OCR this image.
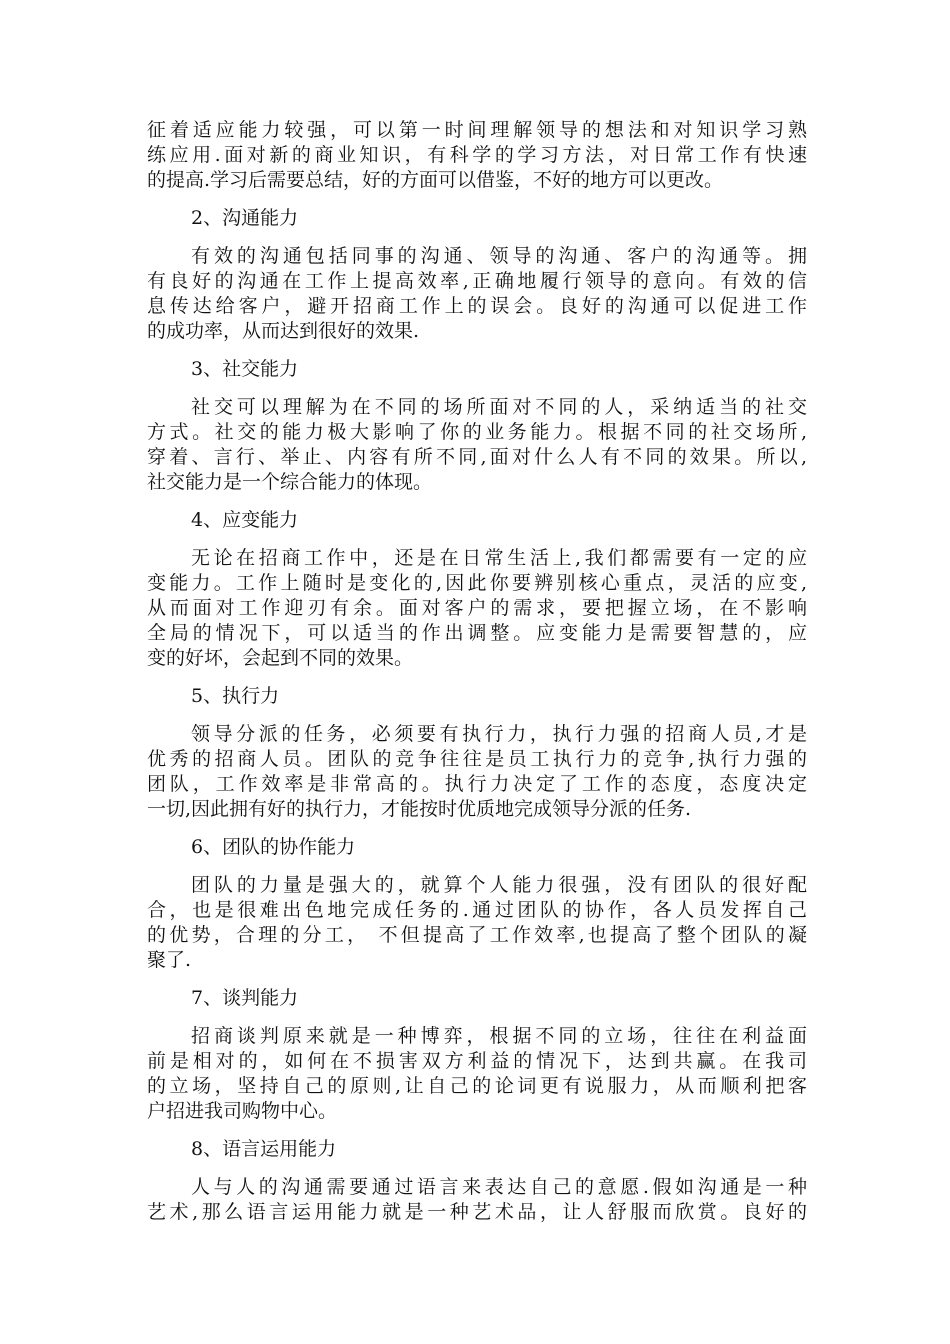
征着适应能力较强，可以第一时间理解领导的想法和对知识学习熟
练应用.面对新的商业知识，有科学的学习方法，对日常工作有快速
的提高.学习后需要总结，好的方面可以借鉴，不好的地方可以更改。
2、沟通能力
有效的沟通包括同事的沟通、领导的沟通、客户的沟通等。拥
有良好的沟通在工作上提高效率,正确地履行领导的意向。有效的信
息传达给客户，避开招商工作上的误会。良好的沟通可以促进工作
的成功率，从而达到很好的效果.
3、社交能力
社交可以理解为在不同的场所面对不同的人，采纳适当的社交
方式。社交的能力极大影响了你的业务能力。根据不同的社交场所,
穿着、言行、举止、内容有所不同,面对什么人有不同的效果。所以,
社交能力是一个综合能力的体现。
4、应变能力
无论在招商工作中，还是在日常生活上,我们都需要有一定的应
变能力。工作上随时是变化的,因此你要辨别核心重点，灵活的应变,
从而面对工作迎刃有余。面对客户的需求，要把握立场，在不影响
全局的情况下，可以适当的作出调整。应变能力是需要智慧的，应
变的好坏，会起到不同的效果。
5、执行力
领导分派的任务，必须要有执行力，执行力强的招商人员,才是
优秀的招商人员。团队的竞争往往是员工执行力的竞争,执行力强的
团队，工作效率是非常高的。执行力决定了工作的态度，态度决定
一切,因此拥有好的执行力，才能按时优质地完成领导分派的任务.
6、团队的协作能力
团队的力量是强大的，就算个人能力很强，没有团队的很好配
合，也是很难出色地完成任务的.通过团队的协作，各人员发挥自己
的优势，合理的分工， 不但提高了工作效率,也提高了整个团队的凝
聚了.
7、谈判能力
招商谈判原来就是一种博弈，根据不同的立场，往往在利益面
前是相对的，如何在不损害双方利益的情况下，达到共赢。在我司
的立场，坚持自己的原则,让自己的论词更有说服力，从而顺利把客
户招进我司购物中心。
8、语言运用能力
人与人的沟通需要通过语言来表达自己的意愿.假如沟通是一种
艺术,那么语言运用能力就是一种艺术品，让人舒服而欣赏。良好的
